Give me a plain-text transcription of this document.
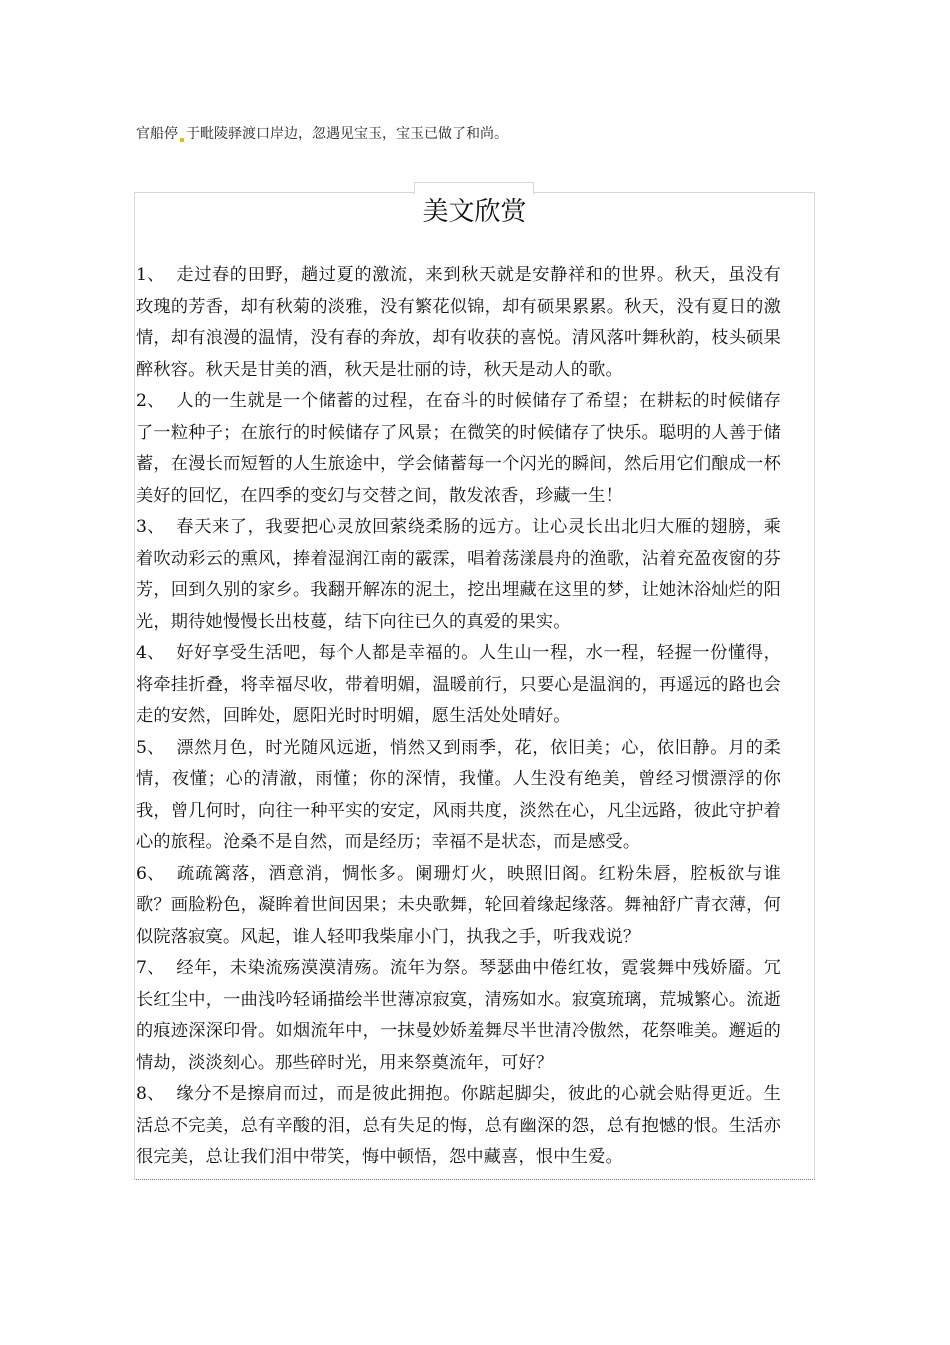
官船停 于毗陵驿渡口岸边，忽遇见宝玉，宝玉已做了和尚。
美文欣赏

1、 走过春的田野，趟过夏的激流，来到秋天就是安静祥和的世界。秋天，虽没有玫瑰的芳香，却有秋菊的淡雅，没有繁花似锦，却有硕果累累。秋天，没有夏日的激情，却有浪漫的温情，没有春的奔放，却有收获的喜悦。清风落叶舞秋韵，枝头硕果醉秋容。秋天是甘美的酒，秋天是壮丽的诗，秋天是动人的歌。

2、 人的一生就是一个储蓄的过程，在奋斗的时候储存了希望；在耕耘的时候储存了一粒种子；在旅行的时候储存了风景；在微笑的时候储存了快乐。聪明的人善于储蓄，在漫长而短暂的人生旅途中，学会储蓄每一个闪光的瞬间，然后用它们酿成一杯美好的回忆，在四季的变幻与交替之间，散发浓香，珍藏一生！

3、 春天来了，我要把心灵放回萦绕柔肠的远方。让心灵长出北归大雁的翅膀，乘着吹动彩云的熏风，捧着湿润江南的霰霂，唱着荡漾晨舟的渔歌，沾着充盈夜窗的芬芳，回到久别的家乡。我翻开解冻的泥土，挖出埋藏在这里的梦，让她沐浴灿烂的阳光，期待她慢慢长出枝蔓，结下向往已久的真爱的果实。

4、 好好享受生活吧，每个人都是幸福的。人生山一程，水一程，轻握一份懂得，将牵挂折叠，将幸福尽收，带着明媚，温暖前行，只要心是温润的，再遥远的路也会走的安然，回眸处，愿阳光时时明媚，愿生活处处晴好。

5、 漂然月色，时光随风远逝，悄然又到雨季，花，依旧美；心，依旧静。月的柔情，夜懂；心的清澈，雨懂；你的深情，我懂。人生没有绝美，曾经习惯漂浮的你我，曾几何时，向往一种平实的安定，风雨共度，淡然在心，凡尘远路，彼此守护着心的旅程。沧桑不是自然，而是经历；幸福不是状态，而是感受。

6、 疏疏篱落，酒意消，惆怅多。阑珊灯火，映照旧阁。红粉朱唇，腔板欲与谁歌？画脸粉色，凝眸着世间因果；未央歌舞，轮回着缘起缘落。舞袖舒广青衣薄，何似院落寂寞。风起，谁人轻叩我柴扉小门，执我之手，听我戏说？

7、 经年，未染流殇漠漠清殇。流年为祭。琴瑟曲中倦红妆，霓裳舞中残娇靥。冗长红尘中，一曲浅吟轻诵描绘半世薄凉寂寞，清殇如水。寂寞琉璃，荒城繁心。流逝的痕迹深深印骨。如烟流年中，一抹曼妙娇羞舞尽半世清冷傲然，花祭唯美。邂逅的情劫，淡淡刻心。那些碎时光，用来祭奠流年，可好？

8、 缘分不是擦肩而过，而是彼此拥抱。你踮起脚尖，彼此的心就会贴得更近。生活总不完美，总有辛酸的泪，总有失足的悔，总有幽深的怨，总有抱憾的恨。生活亦很完美，总让我们泪中带笑，悔中顿悟，怨中藏喜，恨中生爱。
